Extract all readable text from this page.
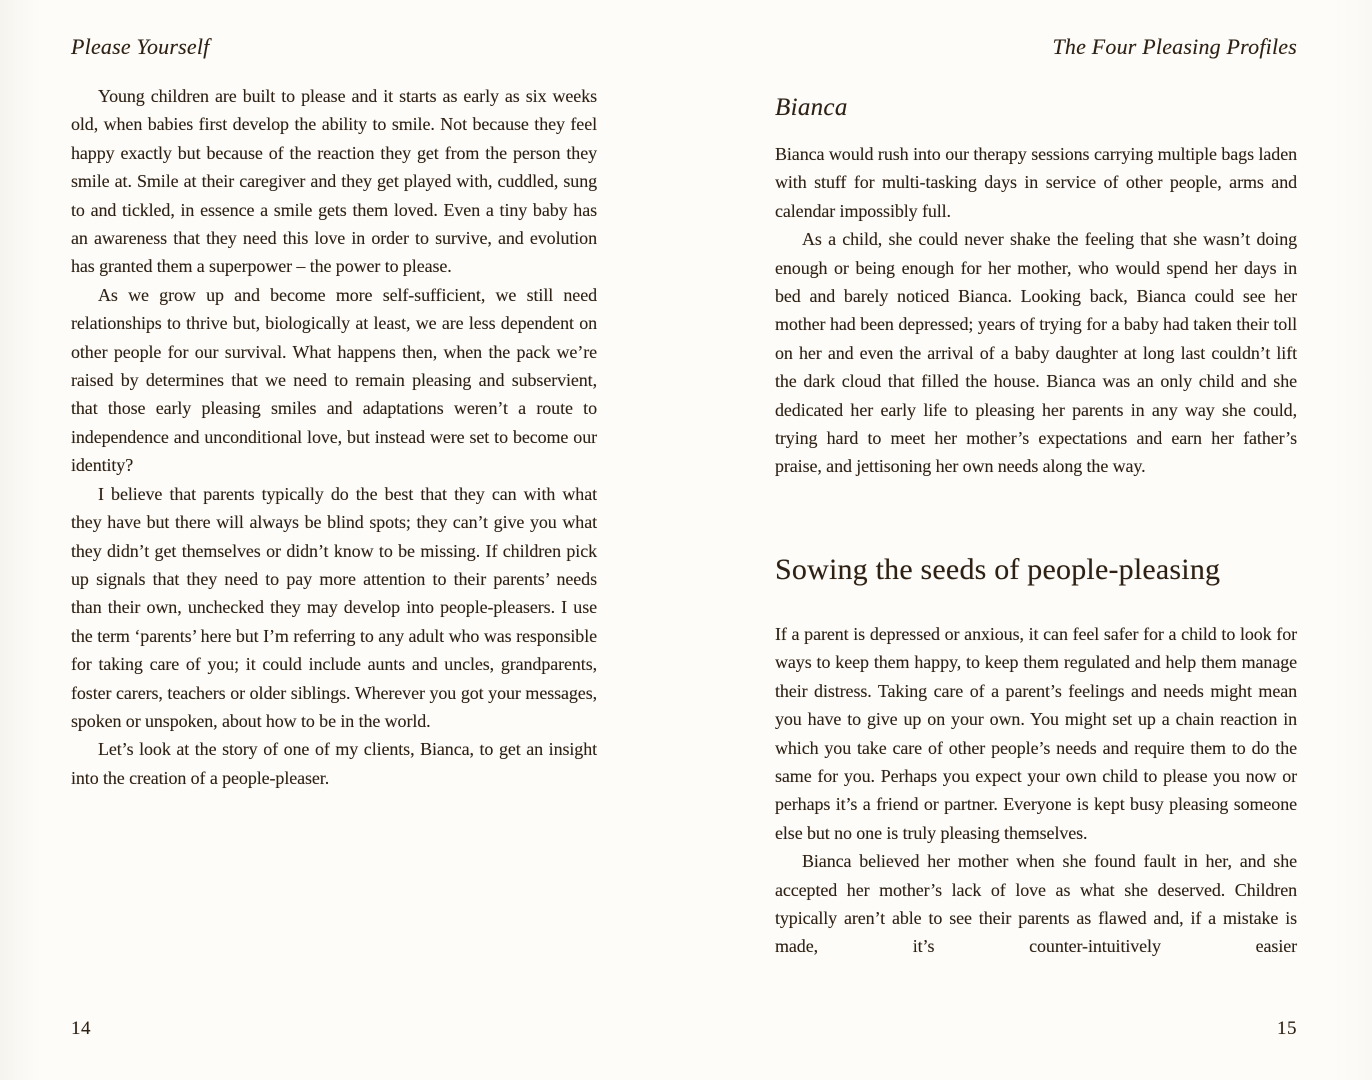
Please Yourself

Young children are built to please and it starts as early as six weeks old, when babies first develop the ability to smile. Not because they feel happy exactly but because of the reaction they get from the person they smile at. Smile at their caregiver and they get played with, cuddled, sung to and tickled, in essence a smile gets them loved. Even a tiny baby has an awareness that they need this love in order to survive, and evolution has granted them a superpower – the power to please.

As we grow up and become more self-sufficient, we still need relationships to thrive but, biologically at least, we are less dependent on other people for our survival. What happens then, when the pack we’re raised by determines that we need to remain pleasing and subservient, that those early pleasing smiles and adaptations weren’t a route to independence and unconditional love, but instead were set to become our identity?

I believe that parents typically do the best that they can with what they have but there will always be blind spots; they can’t give you what they didn’t get themselves or didn’t know to be missing. If children pick up signals that they need to pay more attention to their parents’ needs than their own, unchecked they may develop into people-pleasers. I use the term ‘parents’ here but I’m referring to any adult who was responsible for taking care of you; it could include aunts and uncles, grandparents, foster carers, teachers or older siblings. Wherever you got your messages, spoken or unspoken, about how to be in the world.

Let’s look at the story of one of my clients, Bianca, to get an insight into the creation of a people-pleaser.

14
The Four Pleasing Profiles
Bianca

Bianca would rush into our therapy sessions carrying multiple bags laden with stuff for multi-tasking days in service of other people, arms and calendar impossibly full.

As a child, she could never shake the feeling that she wasn’t doing enough or being enough for her mother, who would spend her days in bed and barely noticed Bianca. Looking back, Bianca could see her mother had been depressed; years of trying for a baby had taken their toll on her and even the arrival of a baby daughter at long last couldn’t lift the dark cloud that filled the house. Bianca was an only child and she dedicated her early life to pleasing her parents in any way she could, trying hard to meet her mother’s expectations and earn her father’s praise, and jettisoning her own needs along the way.

Sowing the seeds of people-pleasing

If a parent is depressed or anxious, it can feel safer for a child to look for ways to keep them happy, to keep them regulated and help them manage their distress. Taking care of a parent’s feelings and needs might mean you have to give up on your own. You might set up a chain reaction in which you take care of other people’s needs and require them to do the same for you. Perhaps you expect your own child to please you now or perhaps it’s a friend or partner. Everyone is kept busy pleasing someone else but no one is truly pleasing themselves.

Bianca believed her mother when she found fault in her, and she accepted her mother’s lack of love as what she deserved. Children typically aren’t able to see their parents as flawed and, if a mistake is made, it’s counter-intuitively easier

15
